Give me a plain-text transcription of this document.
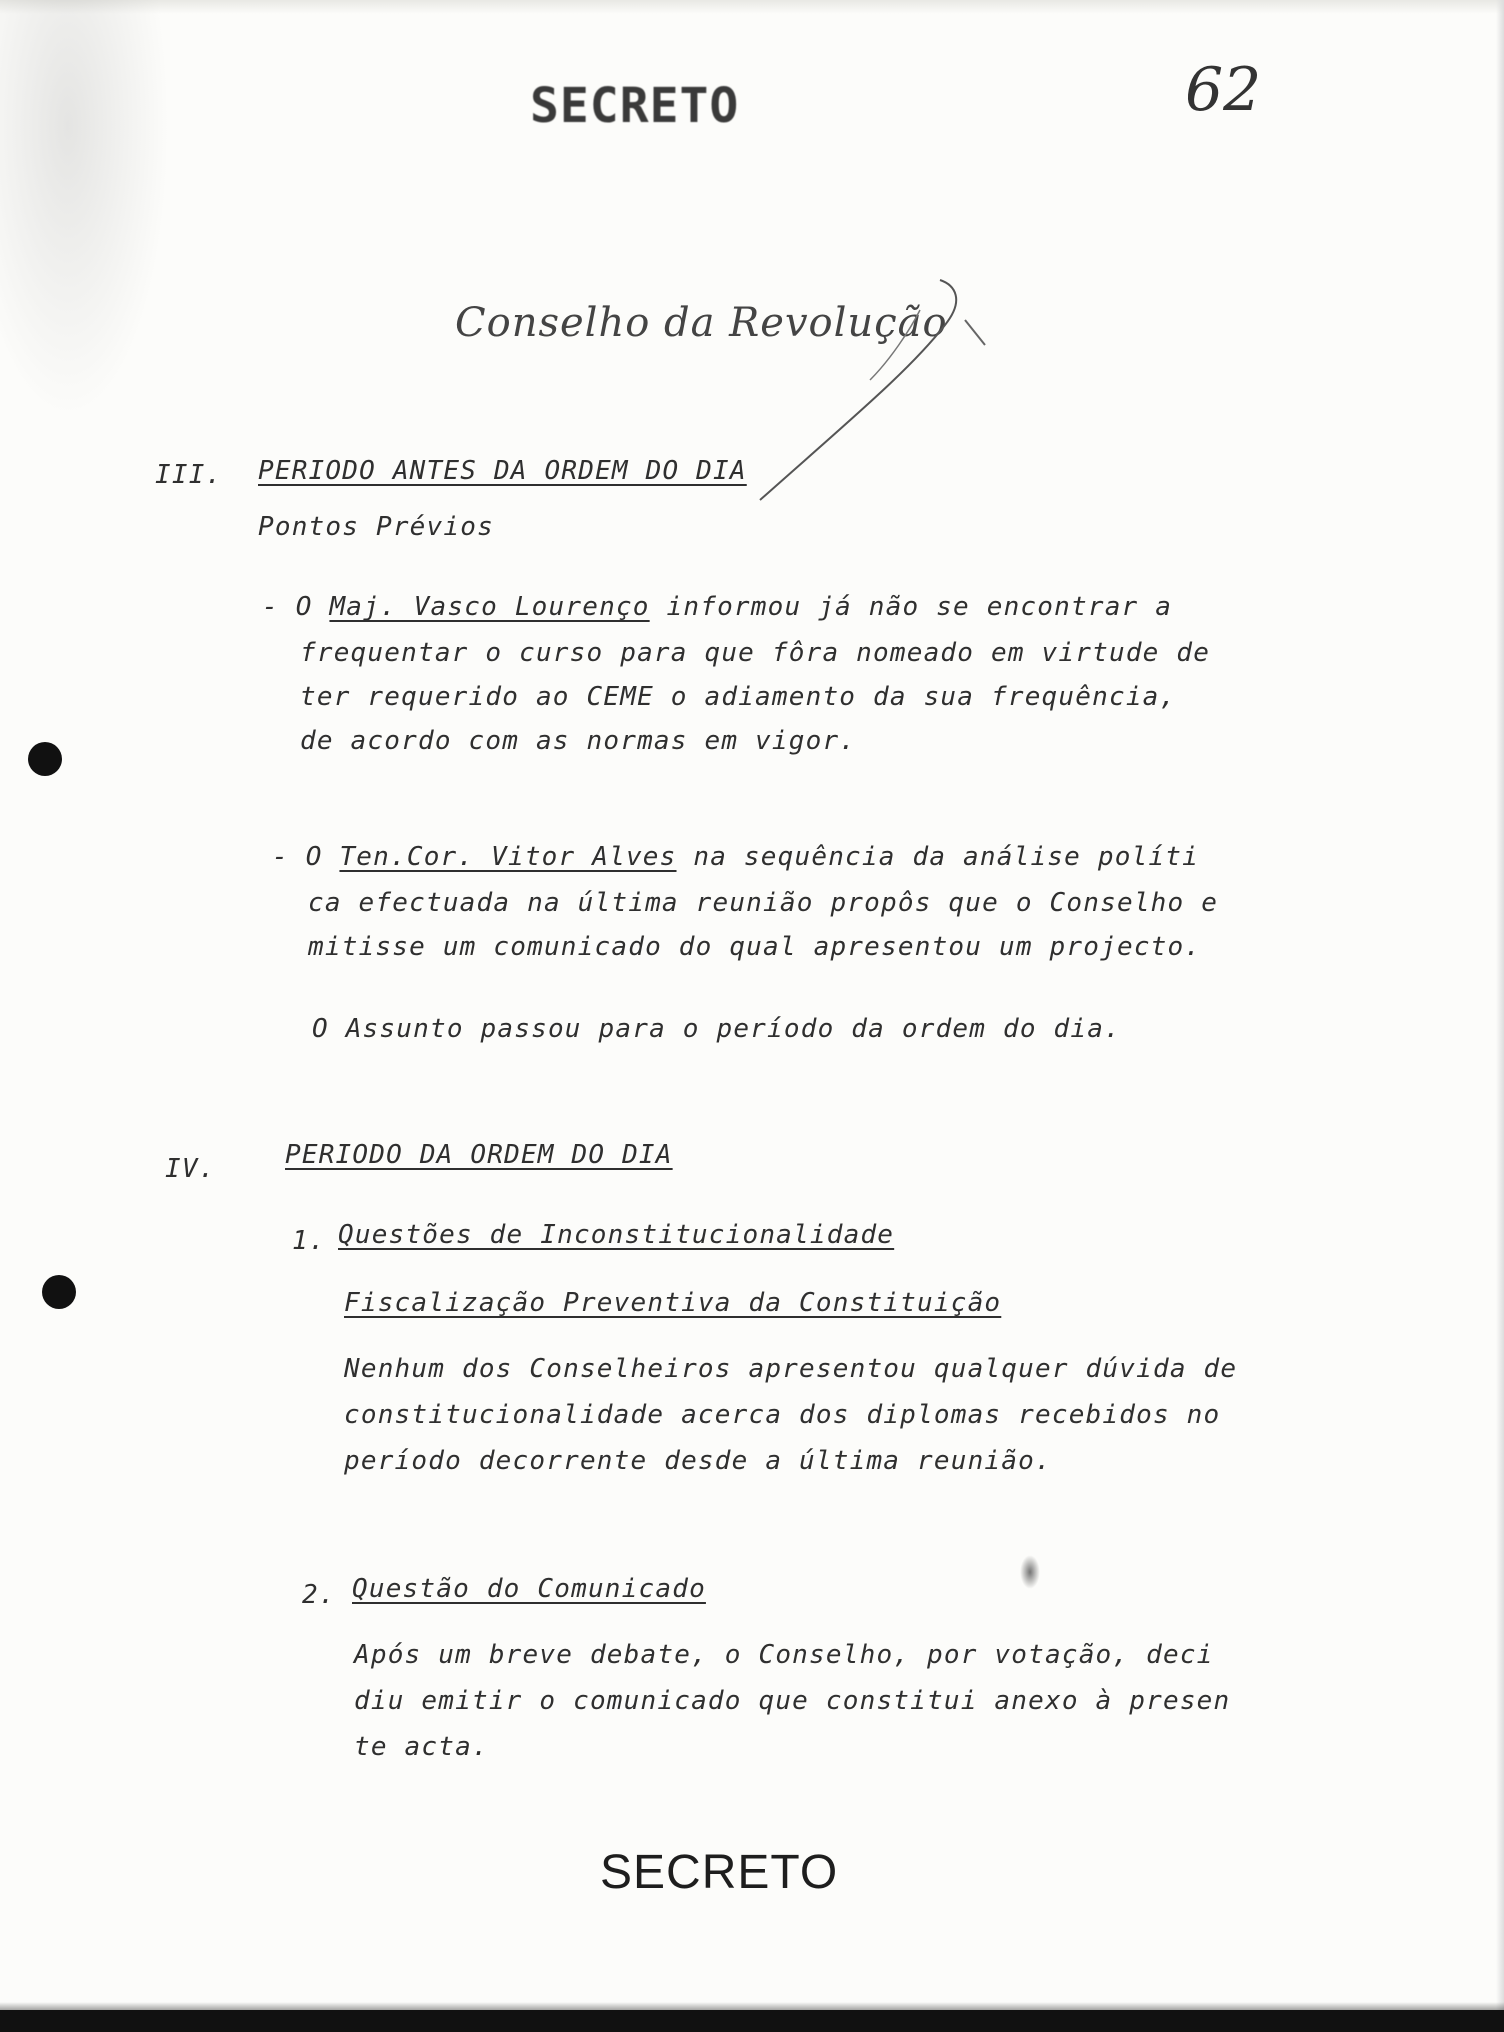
SECRETO	62
Conselho da Revolução
III. PERIODO ANTES DA ORDEM DO DIA
Pontos Prévios
- O Maj. Vasco Lourenço informou já não se encontrar a
frequentar o curso para que fôra nomeado em virtude de
ter requerido ao CEME o adiamento da sua frequência,
de acordo com as normas em vigor.
- O Ten.Cor. Vitor Alves na sequência da análise políti
ca efectuada na última reunião propôs que o Conselho e
mitisse um comunicado do qual apresentou um projecto.
O Assunto passou para o período da ordem do dia.
IV.	PERIODO DA ORDEM DO DIA
1. Questões de Inconstitucionalidade
Fiscalização Preventiva da Constituição
Nenhum dos Conselheiros apresentou qualquer dúvida de
constitucionalidade acerca dos diplomas recebidos no
período decorrente desde a última reunião.
2. Questão do Comunicado
Após um breve debate, o Conselho, por votação, deci
diu emitir o comunicado que constitui anexo à presen
te acta.
SECRETO
